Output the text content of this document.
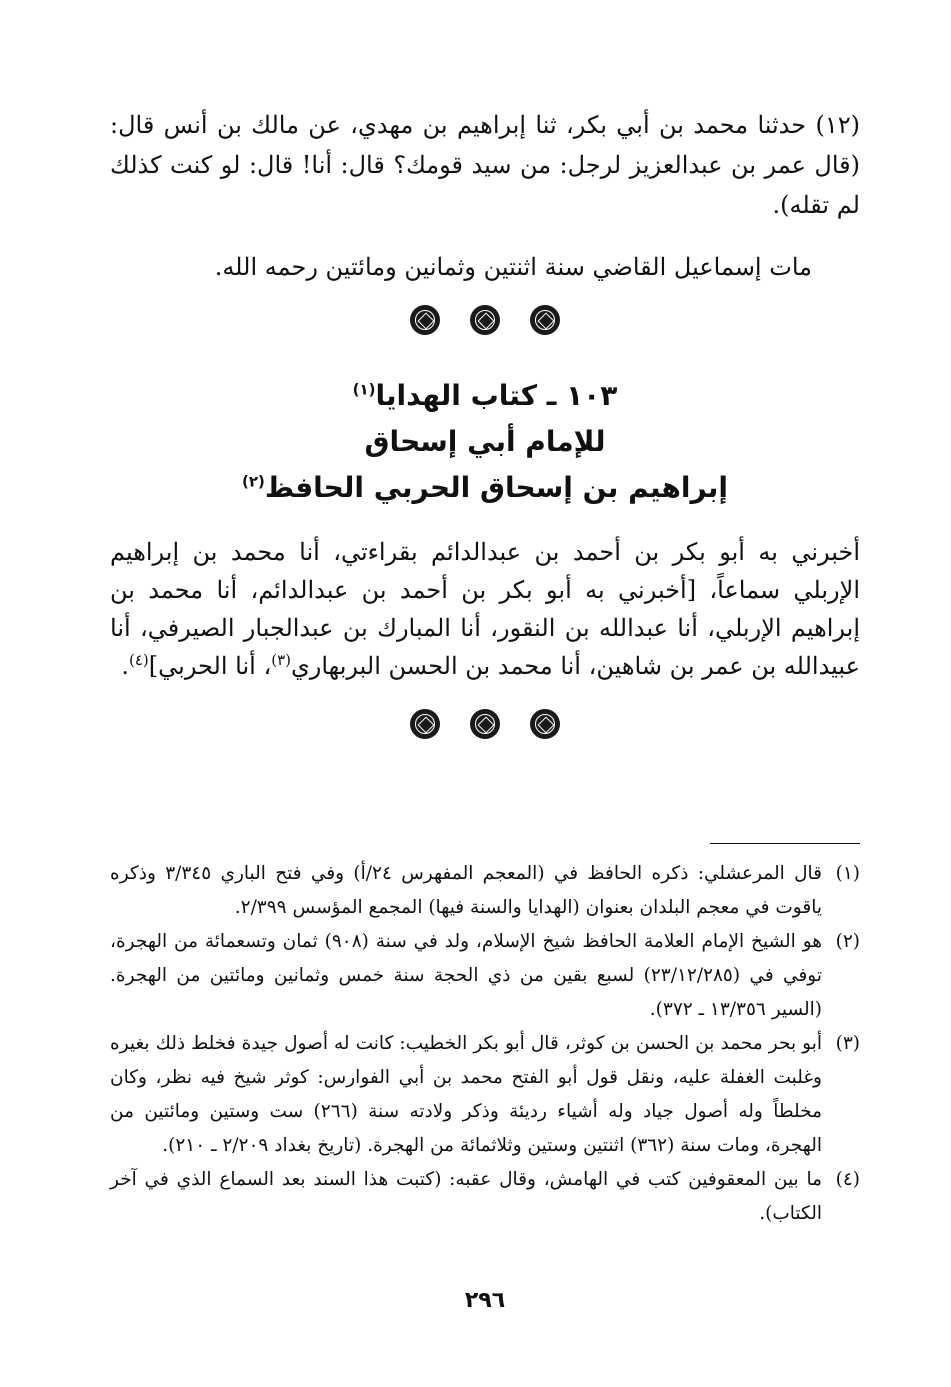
(١٢) حدثنا محمد بن أبي بكر، ثنا إبراهيم بن مهدي، عن مالك بن أنس قال: (قال عمر بن عبدالعزيز لرجل: من سيد قومك؟ قال: أنا! قال: لو كنت كذلك لم تقله).

مات إسماعيل القاضي سنة اثنتين وثمانين ومائتين رحمه الله.

١٠٣ ـ كتاب الهدايا$^{(١)}$

للإمام أبي إسحاق

إبراهيم بن إسحاق الحربي الحافظ$^{(٢)}$

أخبرني به أبو بكر بن أحمد بن عبدالدائم بقراءتي، أنا محمد بن إبراهيم الإربلي سماعاً، [أخبرني به أبو بكر بن أحمد بن عبدالدائم، أنا محمد بن إبراهيم الإربلي، أنا عبدالله بن النقور، أنا المبارك بن عبدالجبار الصيرفي، أنا عبيدالله بن عمر بن شاهين، أنا محمد بن الحسن البربهاري$^{(٣)}$، أنا الحربي]$^{(٤)}$.

(١)
قال المرعشلي: ذكره الحافظ في (المعجم المفهرس ٢٤/أ) وفي فتح الباري ٣/٣٤٥ وذكره ياقوت في معجم البلدان بعنوان (الهدايا والسنة فيها) المجمع المؤسس ٢/٣٩٩.
(٢)
هو الشيخ الإمام العلامة الحافظ شيخ الإسلام، ولد في سنة (٩٠٨) ثمان وتسعمائة من الهجرة، توفي في (٢٣/١٢/٢٨٥) لسبع بقين من ذي الحجة سنة خمس وثمانين ومائتين من الهجرة. (السير ١٣/٣٥٦ ـ ٣٧٢).
(٣)
أبو بحر محمد بن الحسن بن كوثر، قال أبو بكر الخطيب: كانت له أصول جيدة فخلط ذلك بغيره وغلبت الغفلة عليه، ونقل قول أبو الفتح محمد بن أبي الفوارس: كوثر شيخ فيه نظر، وكان مخلطاً وله أصول جياد وله أشياء رديئة وذكر ولادته سنة (٢٦٦) ست وستين ومائتين من الهجرة، ومات سنة (٣٦٢) اثنتين وستين وثلاثمائة من الهجرة. (تاريخ بغداد ٢/٢٠٩ ـ ٢١٠).
(٤)
ما بين المعقوفين كتب في الهامش، وقال عقبه: (كتبت هذا السند بعد السماع الذي في آخر الكتاب).
٢٩٦
